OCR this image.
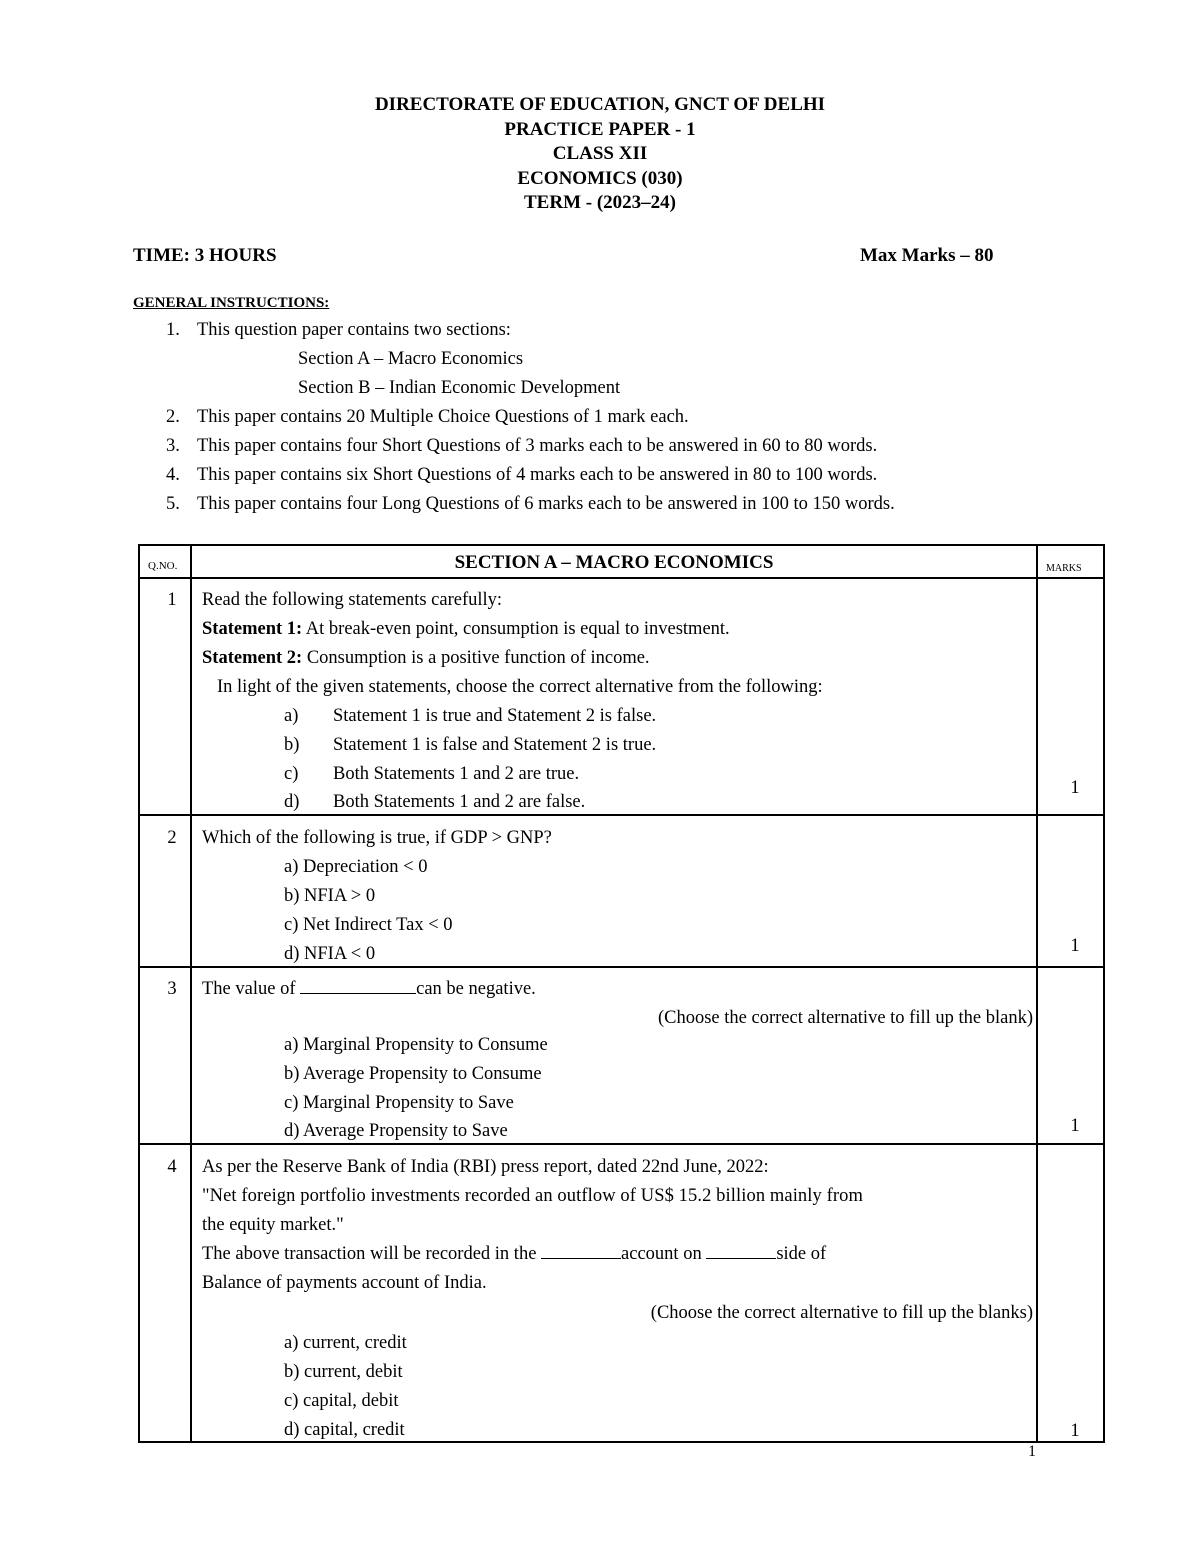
DIRECTORATE OF EDUCATION, GNCT OF DELHI
PRACTICE PAPER - 1
CLASS XII
ECONOMICS (030)
TERM - (2023–24)
TIME: 3 HOURS	Max Marks – 80
GENERAL INSTRUCTIONS:
1. This question paper contains two sections:
Section A – Macro Economics
Section B – Indian Economic Development
2. This paper contains 20 Multiple Choice Questions of 1 mark each.
3. This paper contains four Short Questions of 3 marks each to be answered in 60 to 80 words.
4. This paper contains six Short Questions of 4 marks each to be answered in 80 to 100 words.
5. This paper contains four Long Questions of 6 marks each to be answered in 100 to 150 words.
Q.NO.	SECTION A – MACRO ECONOMICS	MARKS
1 Read the following statements carefully:
Statement 1: At break-even point, consumption is equal to investment.
Statement 2: Consumption is a positive function of income.
In light of the given statements, choose the correct alternative from the following:
a) Statement 1 is true and Statement 2 is false.
b) Statement 1 is false and Statement 2 is true.
c) Both Statements 1 and 2 are true.
d) Both Statements 1 and 2 are false.
1
2 Which of the following is true, if GDP > GNP?
a) Depreciation < 0
b) NFIA > 0
c) Net Indirect Tax < 0
d) NFIA < 0	1
3 The value of	can be negative.
(Choose the correct alternative to fill up the blank)
a) Marginal Propensity to Consume
b) Average Propensity to Consume
c) Marginal Propensity to Save
d) Average Propensity to Save	1
4 As per the Reserve Bank of India (RBI) press report, dated 22nd June, 2022:
"Net foreign portfolio investments recorded an outflow of US$ 15.2 billion mainly from
the equity market."
The above transaction will be recorded in the	account on	side of
Balance of payments account of India.
(Choose the correct alternative to fill up the blanks)
a) current, credit
b) current, debit
c) capital, debit
d) capital, credit	1
1
